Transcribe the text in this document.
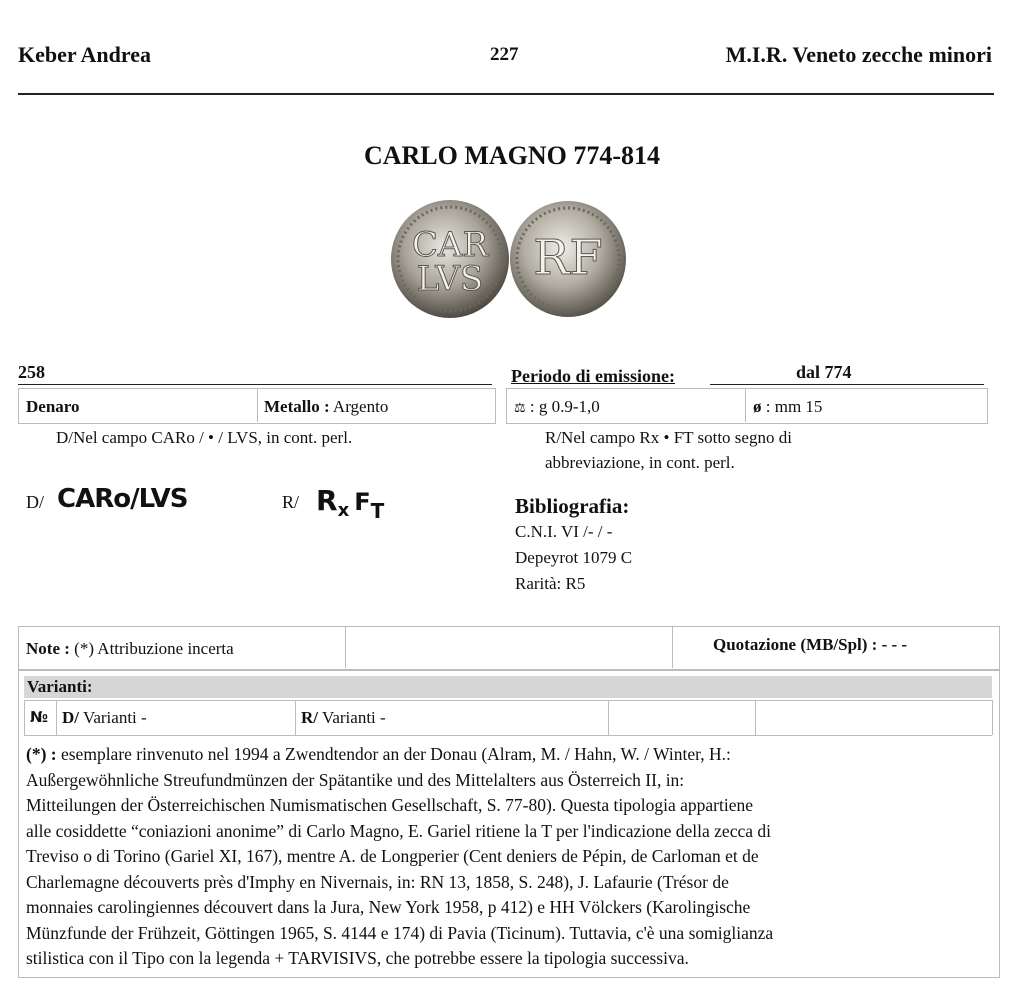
Keber Andrea	227	M.I.R. Veneto zecche minori
CARLO MAGNO 774-814
CAR
LVS RF
258	Periodo di emissione:	dal 774
Denaro	Metallo : Argento	⚖ : g 0.9-1,0	ø : mm 15
D/Nel campo CARo / • / LVS, in cont. perl.	R/Nel campo Rx • FT sotto segno di
abbreviazione, in cont. perl.
D/ CARo/LVS	R/ Rx FT	Bibliografia:
C.N.I. VI /- / -
Depeyrot 1079 C
Rarità: R5
Note : (*) Attribuzione incerta	Quotazione (MB/Spl) : - - -
Varianti:
№ D/ Varianti -	R/ Varianti -
(*) : esemplare rinvenuto nel 1994 a Zwendtendor an der Donau (Alram, M. / Hahn, W. / Winter, H.:
Außergewöhnliche Streufundmünzen der Spätantike und des Mittelalters aus Österreich II, in:
Mitteilungen der Österreichischen Numismatischen Gesellschaft, S. 77-80). Questa tipologia appartiene
alle cosiddette “coniazioni anonime” di Carlo Magno, E. Gariel ritiene la T per l'indicazione della zecca di
Treviso o di Torino (Gariel XI, 167), mentre A. de Longperier (Cent deniers de Pépin, de Carloman et de
Charlemagne découverts près d'Imphy en Nivernais, in: RN 13, 1858, S. 248), J. Lafaurie (Trésor de
monnaies carolingiennes découvert dans la Jura, New York 1958, p 412) e HH Völckers (Karolingische
Münzfunde der Frühzeit, Göttingen 1965, S. 4144 e 174) di Pavia (Ticinum). Tuttavia, c'è una somiglianza
stilistica con il Tipo con la legenda + TARVISIVS, che potrebbe essere la tipologia successiva.
